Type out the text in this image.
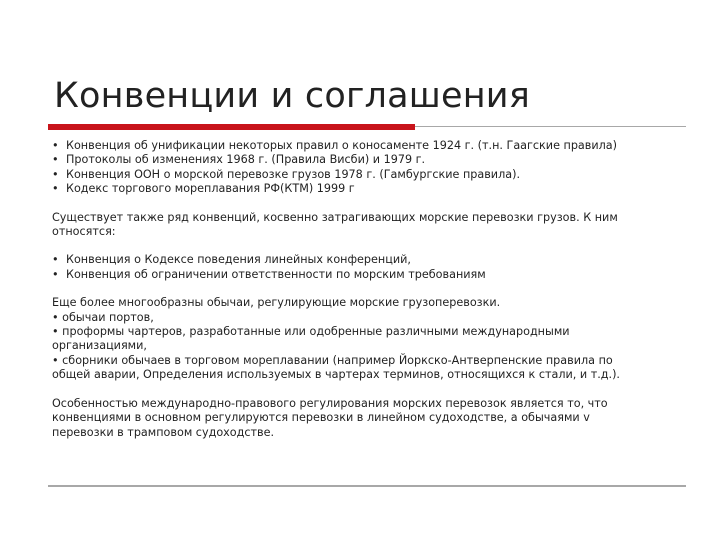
Конвенции и соглашения
• Конвенция об унификации некоторых правил о коносаменте 1924 г. (т.н. Гаагские правила)
• Протоколы об изменениях 1968 г. (Правила Висби) и 1979 г.
• Конвенция ООН о морской перевозке грузов 1978 г. (Гамбургские правила).
• Кодекс торгового мореплавания РФ(КТМ) 1999 г

Существует также ряд конвенций, косвенно затрагивающих морские перевозки грузов. К ним
относятся:

• Конвенция о Кодексе поведения линейных конференций,
• Конвенция об ограничении ответственности по морским требованиям

Еще более многообразны обычаи, регулирующие морские грузоперевозки.
• обычаи портов,
• проформы чартеров, разработанные или одобренные различными международными
организациями,
• сборники обычаев в торговом мореплавании (например Йоркско-Антверпенские правила по
общей аварии, Определения используемых в чартерах терминов, относящихся к стали, и т.д.).

Особенностью международно-правового регулирования морских перевозок является то, что
конвенциями в основном регулируются перевозки в линейном судоходстве, а обычаями v
перевозки в трамповом судоходстве.
